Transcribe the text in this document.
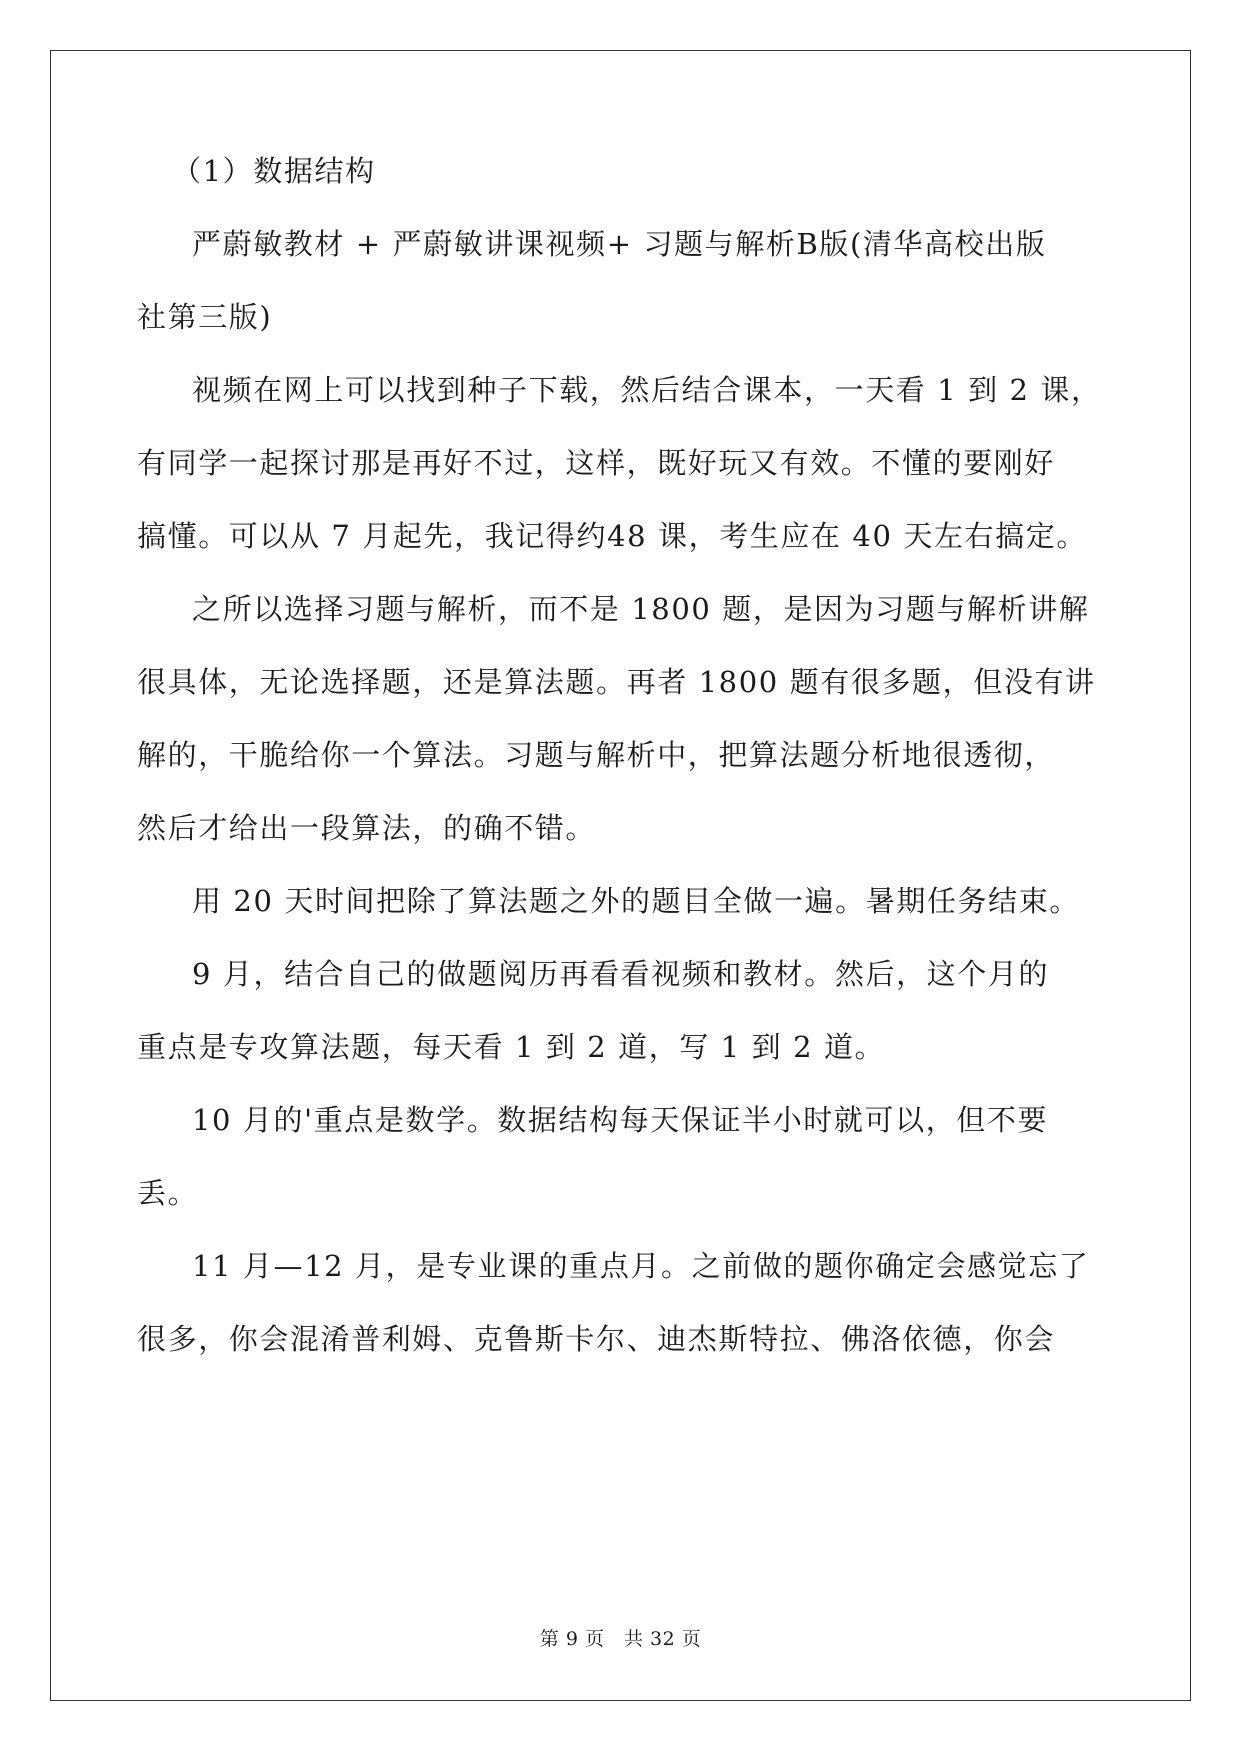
（1）数据结构
严蔚敏教材 + 严蔚敏讲课视频+ 习题与解析B版(清华高校出版
社第三版)
视频在网上可以找到种子下载，然后结合课本，一天看 1 到 2 课，
有同学一起探讨那是再好不过，这样，既好玩又有效。不懂的要刚好
搞懂。可以从 7 月起先，我记得约48 课，考生应在 40 天左右搞定。
之所以选择习题与解析，而不是 1800 题，是因为习题与解析讲解
很具体，无论选择题，还是算法题。再者 1800 题有很多题，但没有讲
解的，干脆给你一个算法。习题与解析中，把算法题分析地很透彻，
然后才给出一段算法，的确不错。
用 20 天时间把除了算法题之外的题目全做一遍。暑期任务结束。
9 月，结合自己的做题阅历再看看视频和教材。然后，这个月的
重点是专攻算法题，每天看 1 到 2 道，写 1 到 2 道。
10 月的'重点是数学。数据结构每天保证半小时就可以，但不要
丢。
11 月—12 月，是专业课的重点月。之前做的题你确定会感觉忘了
很多，你会混淆普利姆、克鲁斯卡尔、迪杰斯特拉、佛洛依德，你会
第 9 页　共 32 页
